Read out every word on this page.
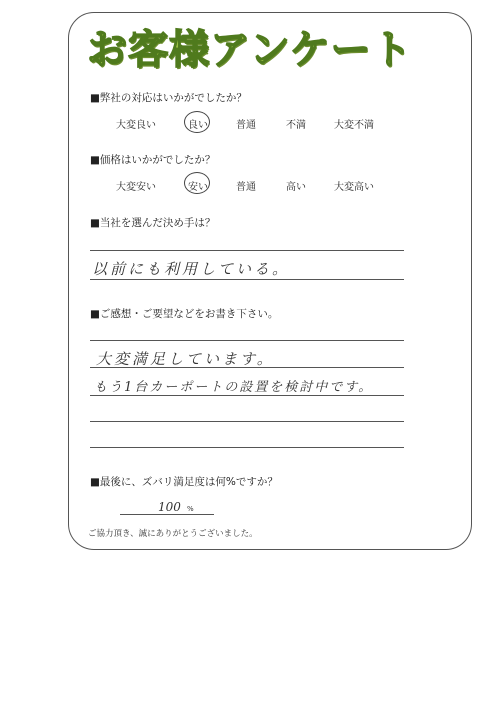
お客様アンケート
■弊社の対応はいかがでしたか？
大変良い	良い	普通	不満	大変不満
■価格はいかがでしたか？
大変安い	安い	普通	高い	大変高い
■当社を選んだ決め手は？
以前にも利用している。
■ご感想・ご要望などをお書き下さい。
大変満足しています。
もう1台カーポートの設置を検討中です。
■最後に、ズバリ満足度は何%ですか？
100 %
ご協力頂き、誠にありがとうございました。
